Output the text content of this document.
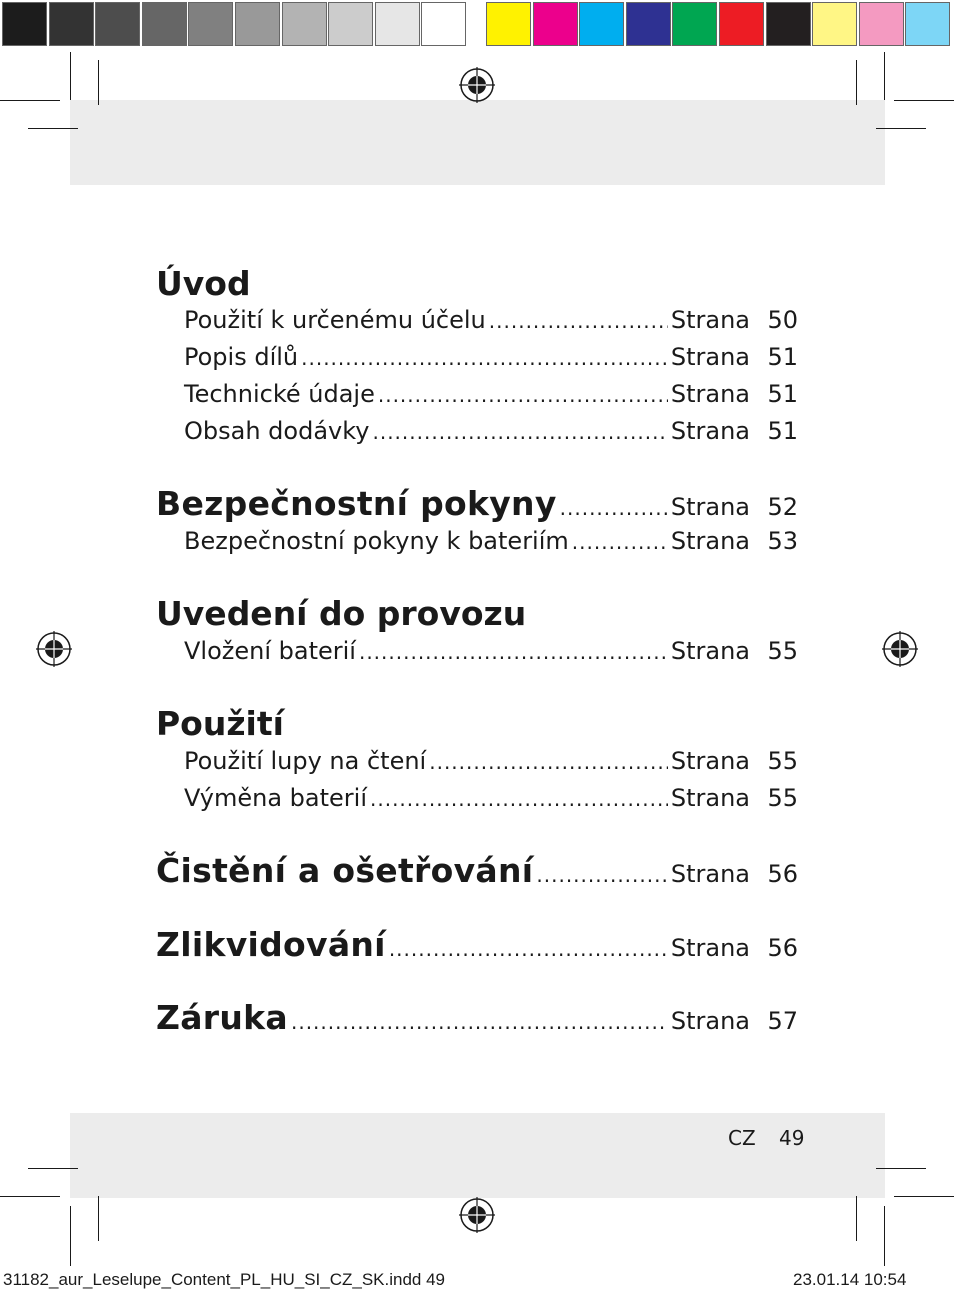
Úvod
Použití k určenému účelu .....	Strana 50
Popis dílů .....	Strana 51
Technické údaje .....	Strana 51
Obsah dodávky .....	Strana 51
Bezpečnostní pokyny .....	Strana 52
Bezpečnostní pokyny k bateriím .....	Strana 53
Uvedení do provozu
Vložení baterií .....	Strana 55
Použití
Použití lupy na čtení .....	Strana 55
Výměna baterií .....	Strana 55
Čistění a ošetřování .....	Strana 56
Zlikvidování .....	Strana 56
Záruka .....	Strana 57
CZ 49
31182_aur_Leselupe_Content_PL_HU_SI_CZ_SK.indd 49	23.01.14 10:54
